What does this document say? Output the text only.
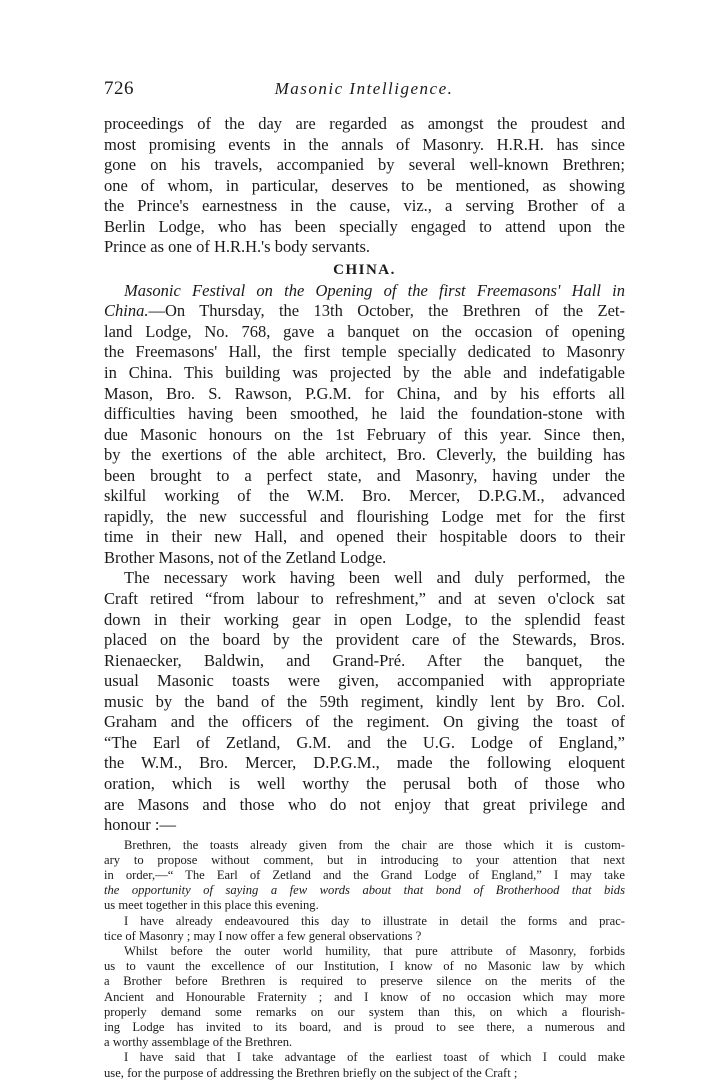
726	Masonic Intelligence.

proceedings of the day are regarded as amongst the proudest and

most promising events in the annals of Masonry. H.R.H. has since

gone on his travels, accompanied by several well-known Brethren;

one of whom, in particular, deserves to be mentioned, as showing

the Prince's earnestness in the cause, viz., a serving Brother of a

Berlin Lodge, who has been specially engaged to attend upon the

Prince as one of H.R.H.'s body servants.

CHINA.

Masonic Festival on the Opening of the first Freemasons' Hall in

China.—On Thursday, the 13th October, the Brethren of the Zet-

land Lodge, No. 768, gave a banquet on the occasion of opening

the Freemasons' Hall, the first temple specially dedicated to Masonry

in China. This building was projected by the able and indefatigable

Mason, Bro. S. Rawson, P.G.M. for China, and by his efforts all

difficulties having been smoothed, he laid the foundation-stone with

due Masonic honours on the 1st February of this year. Since then,

by the exertions of the able architect, Bro. Cleverly, the building has

been brought to a perfect state, and Masonry, having under the

skilful working of the W.M. Bro. Mercer, D.P.G.M., advanced

rapidly, the new successful and flourishing Lodge met for the first

time in their new Hall, and opened their hospitable doors to their

Brother Masons, not of the Zetland Lodge.

The necessary work having been well and duly performed, the

Craft retired “from labour to refreshment,” and at seven o'clock sat

down in their working gear in open Lodge, to the splendid feast

placed on the board by the provident care of the Stewards, Bros.

Rienaecker, Baldwin, and Grand-Pré. After the banquet, the

usual Masonic toasts were given, accompanied with appropriate

music by the band of the 59th regiment, kindly lent by Bro. Col.

Graham and the officers of the regiment. On giving the toast of

“The Earl of Zetland, G.M. and the U.G. Lodge of England,”

the W.M., Bro. Mercer, D.P.G.M., made the following eloquent

oration, which is well worthy the perusal both of those who

are Masons and those who do not enjoy that great privilege and

honour :—

Brethren, the toasts already given from the chair are those which it is custom-

ary to propose without comment, but in introducing to your attention that next

in order,—“ The Earl of Zetland and the Grand Lodge of England,” I may take

the opportunity of saying a few words about that bond of Brotherhood that bids

us meet together in this place this evening.

I have already endeavoured this day to illustrate in detail the forms and prac-

tice of Masonry ; may I now offer a few general observations ?

Whilst before the outer world humility, that pure attribute of Masonry, forbids

us to vaunt the excellence of our Institution, I know of no Masonic law by which

a Brother before Brethren is required to preserve silence on the merits of the

Ancient and Honourable Fraternity ; and I know of no occasion which may more

properly demand some remarks on our system than this, on which a flourish-

ing Lodge has invited to its board, and is proud to see there, a numerous and

a worthy assemblage of the Brethren.

I have said that I take advantage of the earliest toast of which I could make

use, for the purpose of addressing the Brethren briefly on the subject of the Craft ;
